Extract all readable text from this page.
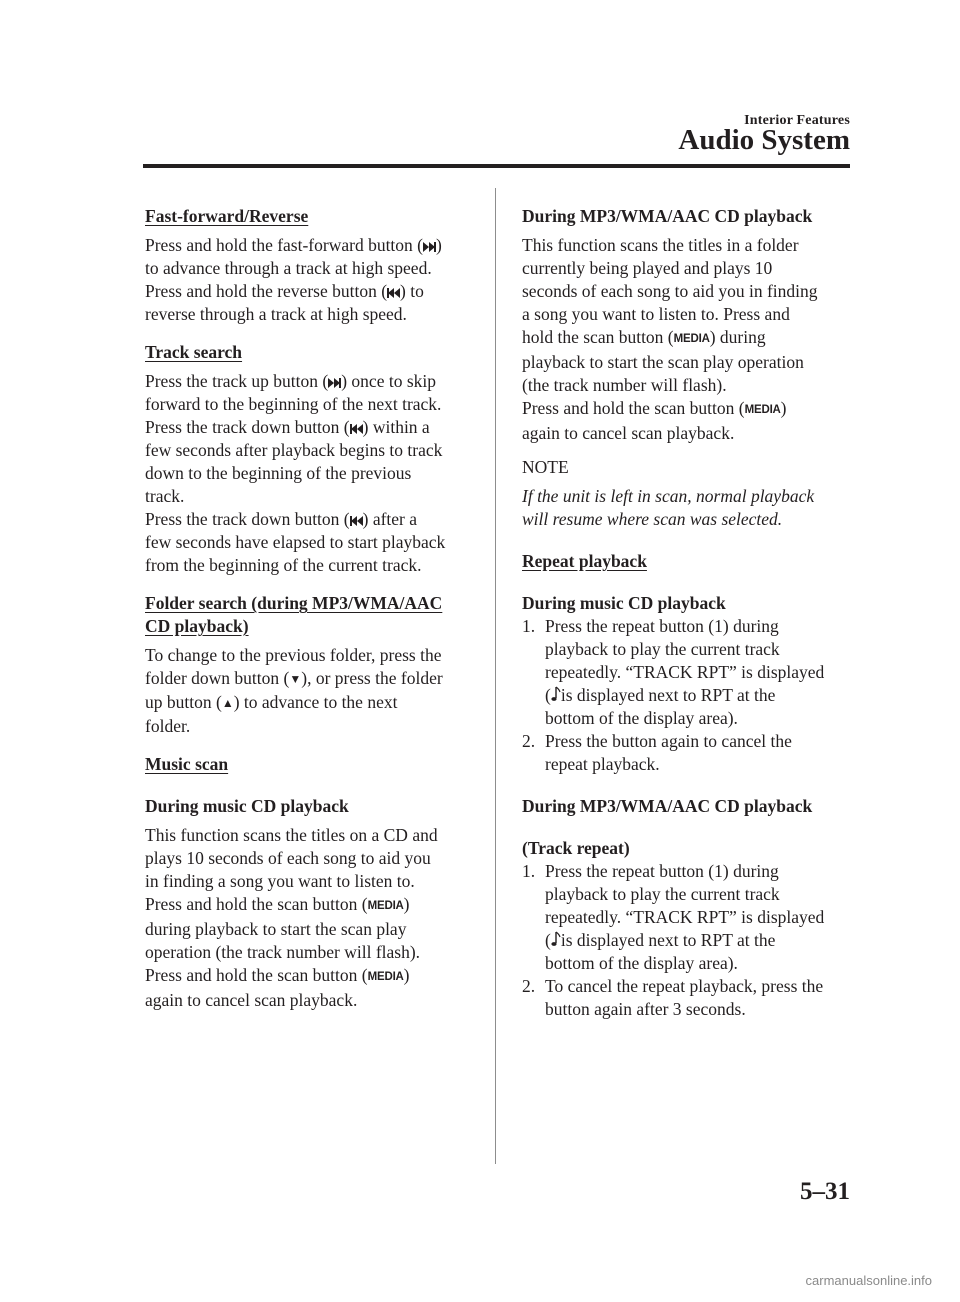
Interior Features
Audio System

Fast-forward/Reverse

Press and hold the fast-forward button ( )
to advance through a track at high speed.

Press and hold the reverse button ( ) to
reverse through a track at high speed.

Track search

Press the track up button ( ) once to skip
forward to the beginning of the next track.

Press the track down button ( ) within a
few seconds after playback begins to track
down to the beginning of the previous
track.
Press the track down button ( ) after a
few seconds have elapsed to start playback
from the beginning of the current track.

Folder search (during MP3/WMA/AAC
CD playback)

To change to the previous folder, press the
folder down button (▼), or press the folder
up button (▲) to advance to the next
folder.

Music scan

During music CD playback

This function scans the titles on a CD and
plays 10 seconds of each song to aid you
in finding a song you want to listen to.
Press and hold the scan button (MEDIA)
during playback to start the scan play
operation (the track number will flash).
Press and hold the scan button (MEDIA)
again to cancel scan playback.

During MP3/WMA/AAC CD playback

This function scans the titles in a folder
currently being played and plays 10
seconds of each song to aid you in finding
a song you want to listen to. Press and
hold the scan button (MEDIA) during
playback to start the scan play operation
(the track number will flash).
Press and hold the scan button (MEDIA)
again to cancel scan playback.

NOTE

If the unit is left in scan, normal playback
will resume where scan was selected.

Repeat playback

During music CD playback

1. Press the repeat button (1) during
playback to play the current track
repeatedly. “TRACK RPT” is displayed
( is displayed next to RPT at the
bottom of the display area).
2. Press the button again to cancel the
repeat playback.

During MP3/WMA/AAC CD playback

(Track repeat)

1. Press the repeat button (1) during
playback to play the current track
repeatedly. “TRACK RPT” is displayed
( is displayed next to RPT at the
bottom of the display area).
2. To cancel the repeat playback, press the
button again after 3 seconds.
5–31
carmanualsonline.info
